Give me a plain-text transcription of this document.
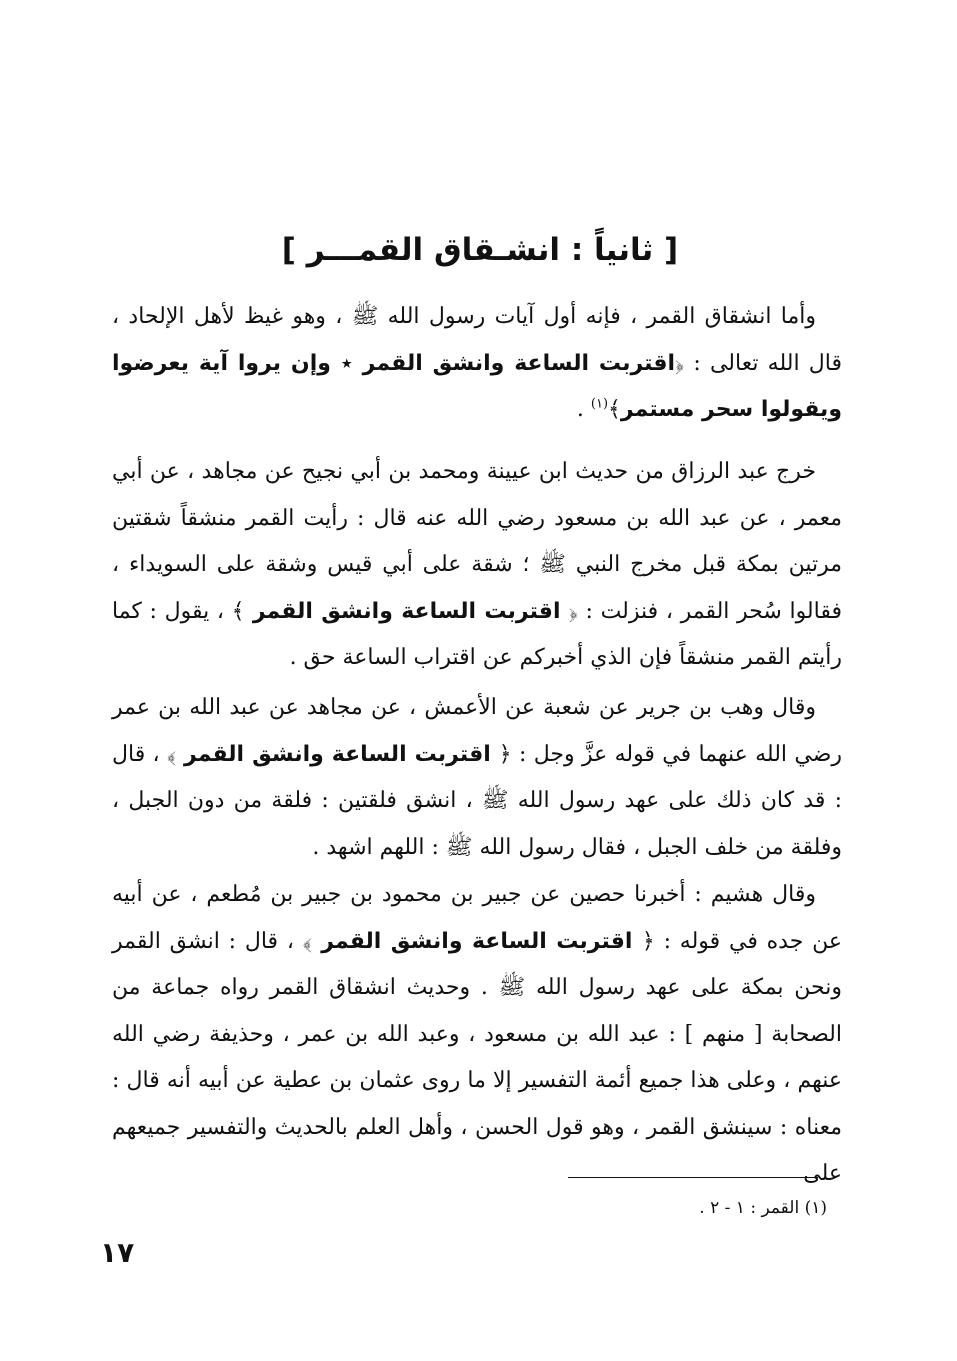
[ ثانياً : انشـقاق القمـــر ]

وأما انشقاق القمر ، فإنه أول آيات رسول الله ﷺ ، وهو غيظ لأهل الإلحاد ، قال الله تعالى : ﴿اقتربت الساعة وانشق القمر ٭ وإن يروا آية يعرضوا ويقولوا سحر مستمر﴾$^{(١)}$ .

خرج عبد الرزاق من حديث ابن عيينة ومحمد بن أبي نجيح عن مجاهد ، عن أبي معمر ، عن عبد الله بن مسعود رضي الله عنه قال : رأيت القمر منشقاً شقتين مرتين بمكة قبل مخرج النبي ﷺ ؛ شقة على أبي قيس وشقة على السويداء ، فقالوا سُحر القمر ، فنزلت : ﴿ اقتربت الساعة وانشق القمر ﴾ ، يقول : كما رأيتم القمر منشقاً فإن الذي أخبركم عن اقتراب الساعة حق .

وقال وهب بن جرير عن شعبة عن الأعمش ، عن مجاهد عن عبد الله بن عمر رضي الله عنهما في قوله عزَّ وجل : ﴿ اقتربت الساعة وانشق القمر ﴾ ، قال : قد كان ذلك على عهد رسول الله ﷺ ، انشق فلقتين : فلقة من دون الجبل ، وفلقة من خلف الجبل ، فقال رسول الله ﷺ : اللهم اشهد .

وقال هشيم : أخبرنا حصين عن جبير بن محمود بن جبير بن مُطعم ، عن أبيه عن جده في قوله : ﴿ اقتربت الساعة وانشق القمر ﴾ ، قال : انشق القمر ونحن بمكة على عهد رسول الله ﷺ . وحديث انشقاق القمر رواه جماعة من الصحابة [ منهم ] : عبد الله بن مسعود ، وعبد الله بن عمر ، وحذيفة رضي الله عنهم ، وعلى هذا جميع أئمة التفسير إلا ما روى عثمان بن عطية عن أبيه أنه قال : معناه : سينشق القمر ، وهو قول الحسن ، وأهل العلم بالحديث والتفسير جميعهم على

(١) القمر : ١ - ٢ .
١٧
